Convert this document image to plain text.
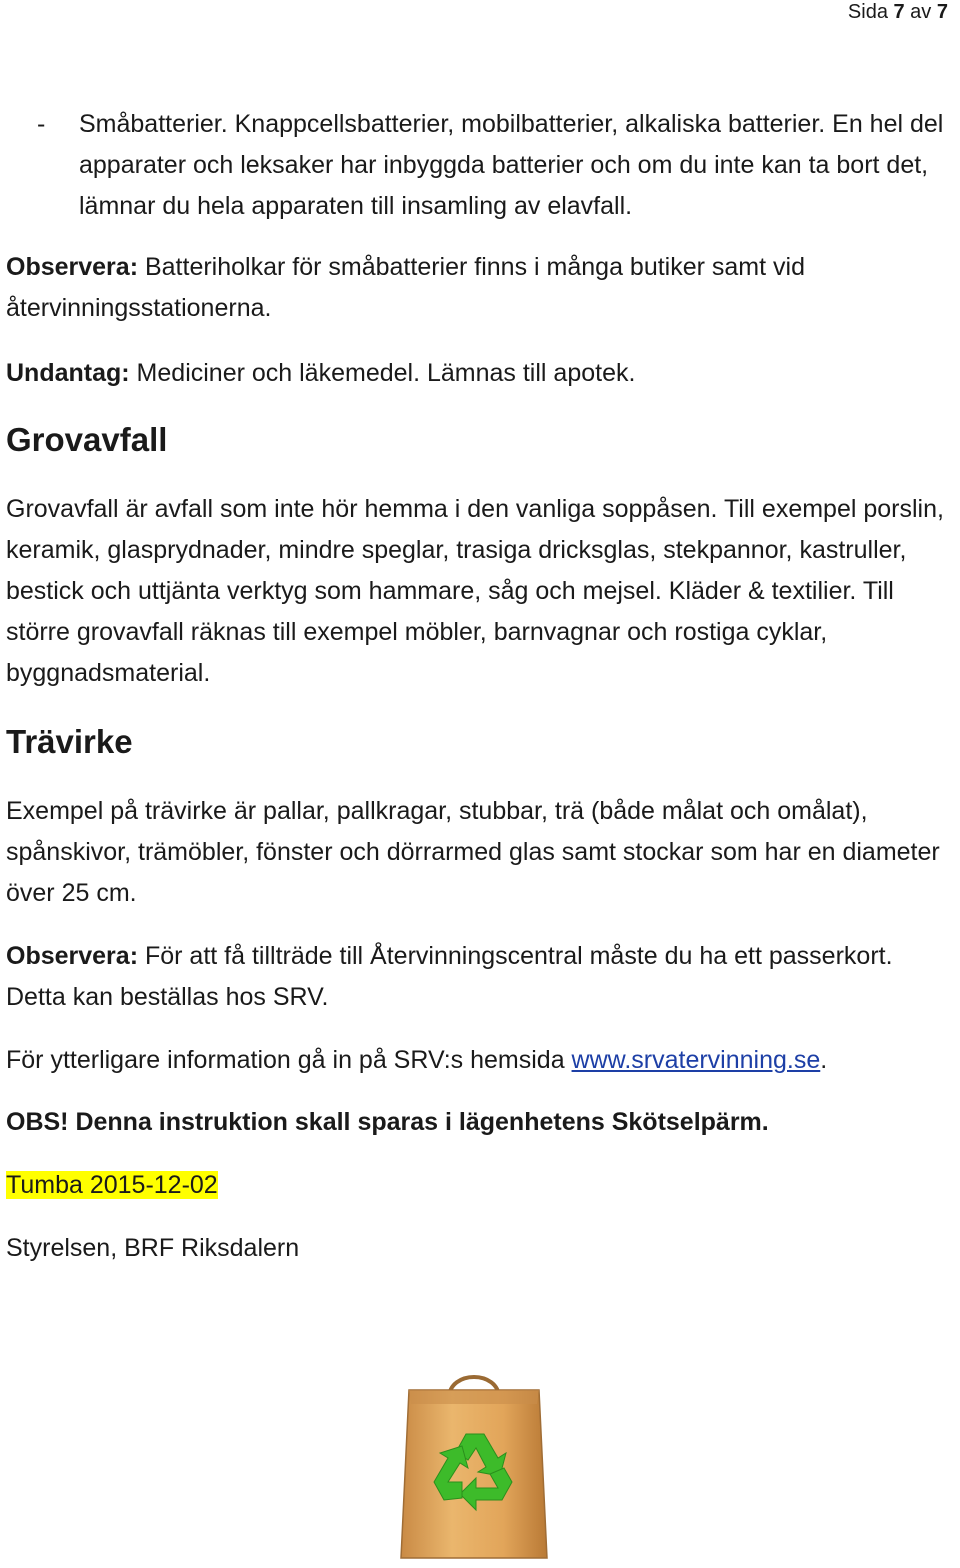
Sida 7 av 7
- Småbatterier. Knappcellsbatterier, mobilbatterier, alkaliska batterier. En hel del apparater och leksaker har inbyggda batterier och om du inte kan ta bort det, lämnar du hela apparaten till insamling av elavfall.

Observera: Batteriholkar för småbatterier finns i många butiker samt vid återvinningsstationerna.

Undantag: Mediciner och läkemedel. Lämnas till apotek.

Grovavfall

Grovavfall är avfall som inte hör hemma i den vanliga soppåsen. Till exempel porslin, keramik, glasprydnader, mindre speglar, trasiga dricksglas, stekpannor, kastruller, bestick och uttjänta verktyg som hammare, såg och mejsel. Kläder & textilier. Till större grovavfall räknas till exempel möbler, barnvagnar och rostiga cyklar, byggnadsmaterial.

Trävirke

Exempel på trävirke är pallar, pallkragar, stubbar, trä (både målat och omålat), spånskivor, trämöbler, fönster och dörrarmed glas samt stockar som har en diameter över 25 cm.

Observera: För att få tillträde till Återvinningscentral måste du ha ett passerkort. Detta kan beställas hos SRV.

För ytterligare information gå in på SRV:s hemsida www.srvatervinning.se.

OBS! Denna instruktion skall sparas i lägenhetens Skötselpärm.

Tumba 2015-12-02

Styrelsen, BRF Riksdalern
